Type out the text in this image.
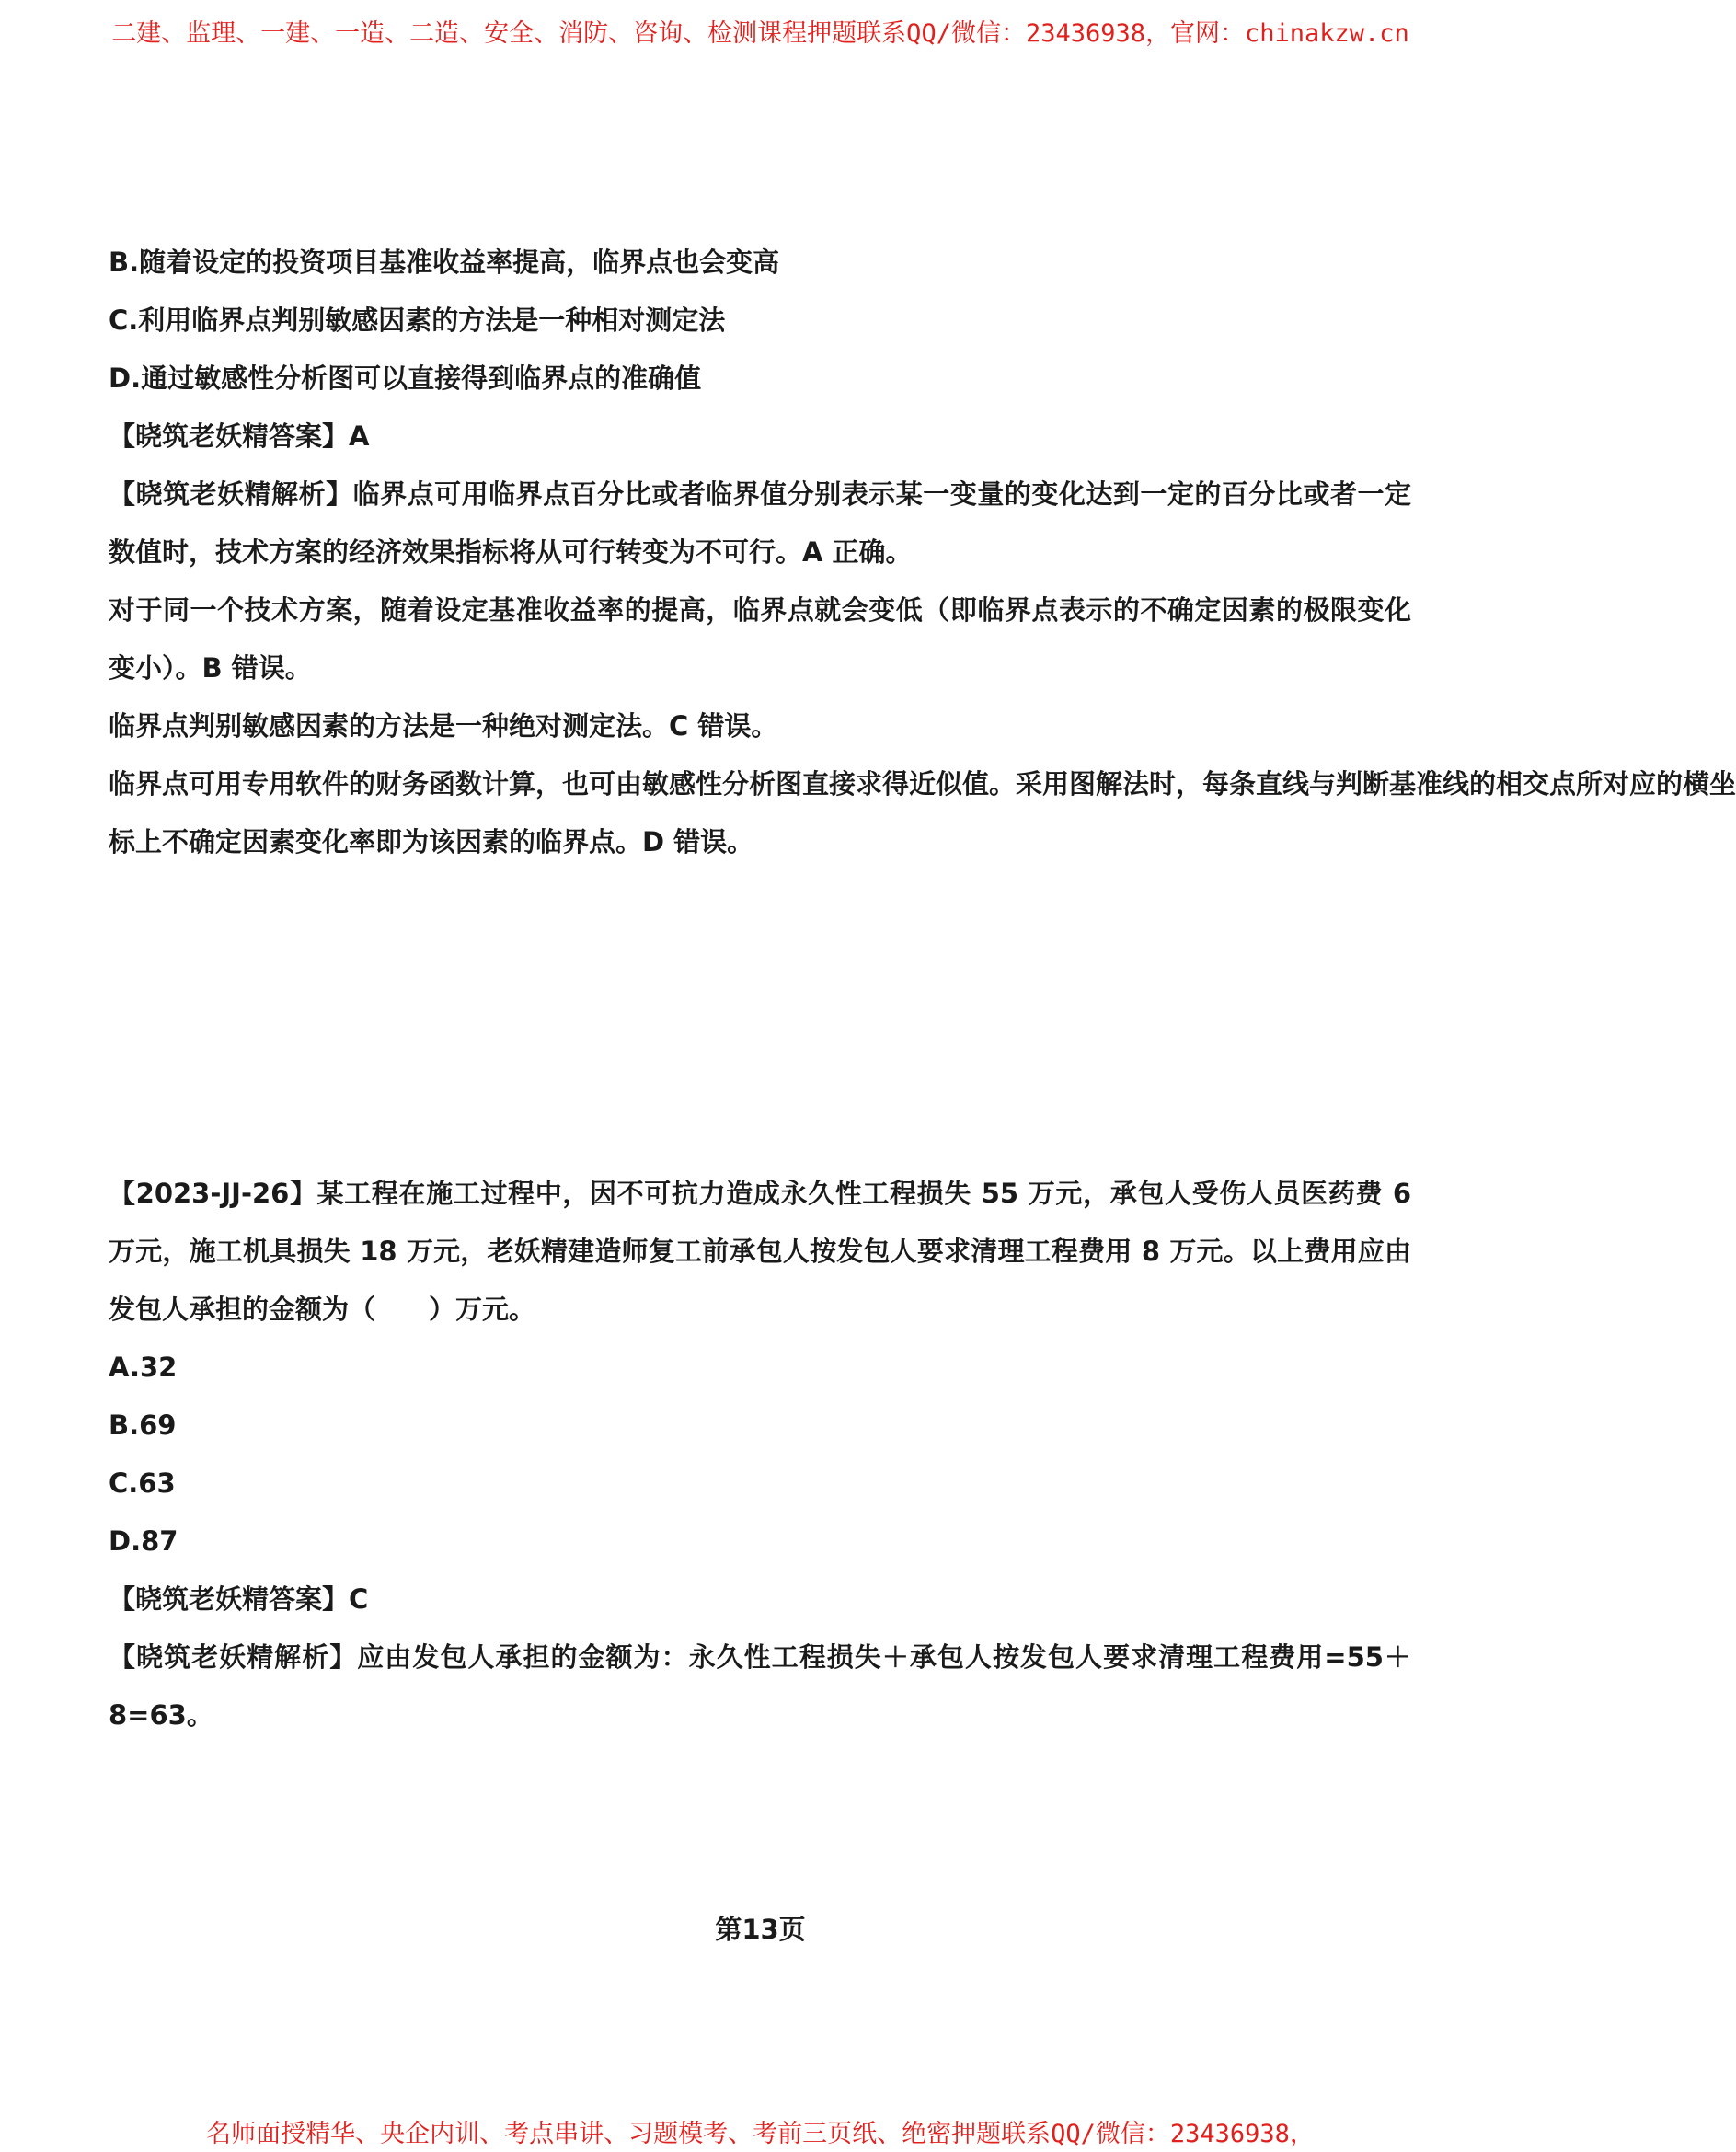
二建、监理、一建、一造、二造、安全、消防、咨询、检测课程押题联系QQ/微信：23436938，官网：chinakzw.cn
B.随着设定的投资项目基准收益率提高，临界点也会变高
C.利用临界点判别敏感因素的方法是一种相对测定法
D.通过敏感性分析图可以直接得到临界点的准确值
【晓筑老妖精答案】A
【晓筑老妖精解析】临界点可用临界点百分比或者临界值分别表示某一变量的变化达到一定的百分比或者一定数值时，技术方案的经济效果指标将从可行转变为不可行。A 正确。
对于同一个技术方案，随着设定基准收益率的提高，临界点就会变低（即临界点表示的不确定因素的极限变化变小）。B 错误。
临界点判别敏感因素的方法是一种绝对测定法。C 错误。
临界点可用专用软件的财务函数计算，也可由敏感性分析图直接求得近似值。采用图解法时，每条直线与判断基准线的相交点所对应的横坐
标上不确定因素变化率即为该因素的临界点。D 错误。
【2023-JJ-26】某工程在施工过程中，因不可抗力造成永久性工程损失 55 万元，承包人受伤人员医药费 6 万元，施工机具损失 18 万元，老妖精建造师复工前承包人按发包人要求清理工程费用 8 万元。以上费用应由发包人承担的金额为（　　）万元。
A.32
B.69
C.63
D.87
【晓筑老妖精答案】C
【晓筑老妖精解析】应由发包人承担的金额为：永久性工程损失＋承包人按发包人要求清理工程费用=55＋8=63。
第13页
名师面授精华、央企内训、考点串讲、习题模考、考前三页纸、绝密押题联系QQ/微信：23436938，
